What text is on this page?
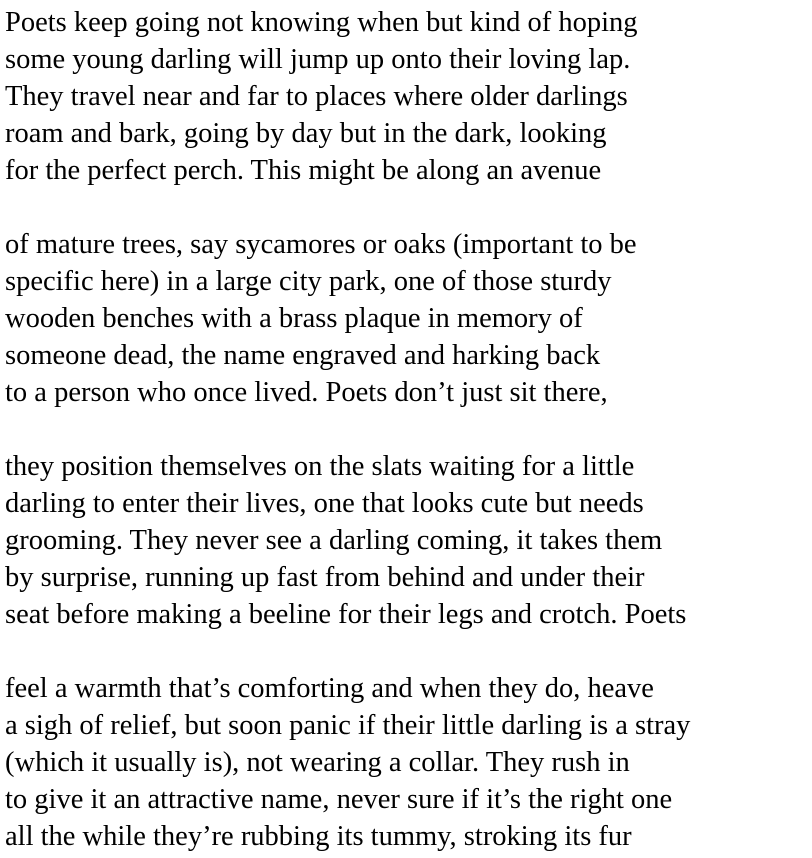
Poets keep going not knowing when but kind of hoping
some young darling will jump up onto their loving lap.
They travel near and far to places where older darlings
roam and bark, going by day but in the dark, looking
for the perfect perch. This might be along an avenue
of mature trees, say sycamores or oaks (important to be
specific here) in a large city park, one of those sturdy
wooden benches with a brass plaque in memory of
someone dead, the name engraved and harking back
to a person who once lived. Poets don’t just sit there,
they position themselves on the slats waiting for a little
darling to enter their lives, one that looks cute but needs
grooming. They never see a darling coming, it takes them
by surprise, running up fast from behind and under their
seat before making a beeline for their legs and crotch. Poets
feel a warmth that’s comforting and when they do, heave
a sigh of relief, but soon panic if their little darling is a stray
(which it usually is), not wearing a collar. They rush in
to give it an attractive name, never sure if it’s the right one
all the while they’re rubbing its tummy, stroking its fur
